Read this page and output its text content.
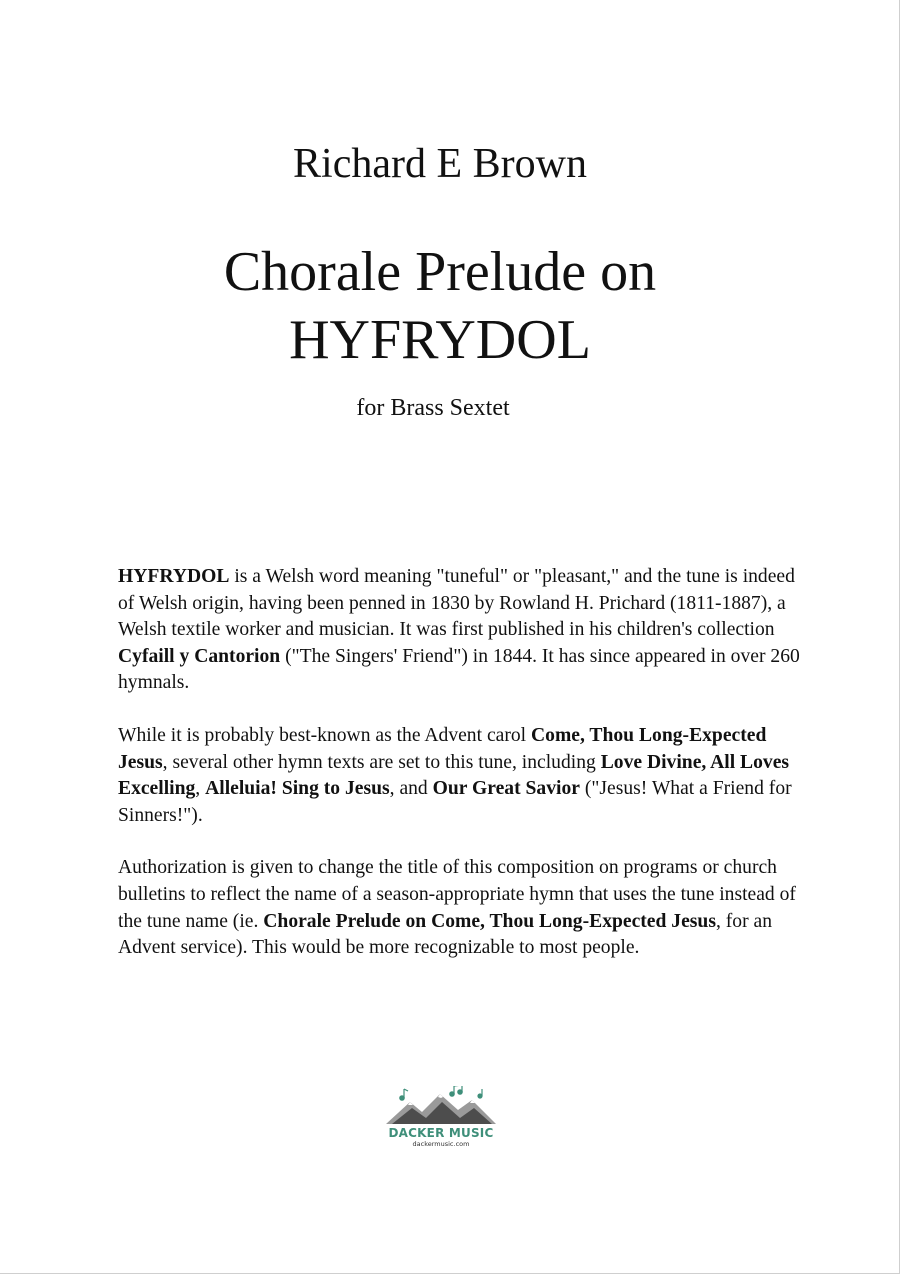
Richard E Brown
Chorale Prelude on
HYFRYDOL
for Brass Sextet

HYFRYDOL is a Welsh word meaning "tuneful" or "pleasant," and the tune is indeed of Welsh origin, having been penned in 1830 by Rowland H. Prichard (1811-1887), a Welsh textile worker and musician. It was first published in his children's collection Cyfaill y Cantorion ("The Singers' Friend") in 1844. It has since appeared in over 260 hymnals.

While it is probably best-known as the Advent carol Come, Thou Long-Expected Jesus, several other hymn texts are set to this tune, including Love Divine, All Loves Excelling, Alleluia! Sing to Jesus, and Our Great Savior ("Jesus! What a Friend for Sinners!").

Authorization is given to change the title of this composition on programs or church bulletins to reflect the name of a season-appropriate hymn that uses the tune instead of the tune name (ie. Chorale Prelude on Come, Thou Long-Expected Jesus, for an Advent service). This would be more recognizable to most people.

DACKER MUSIC
dackermusic.com
